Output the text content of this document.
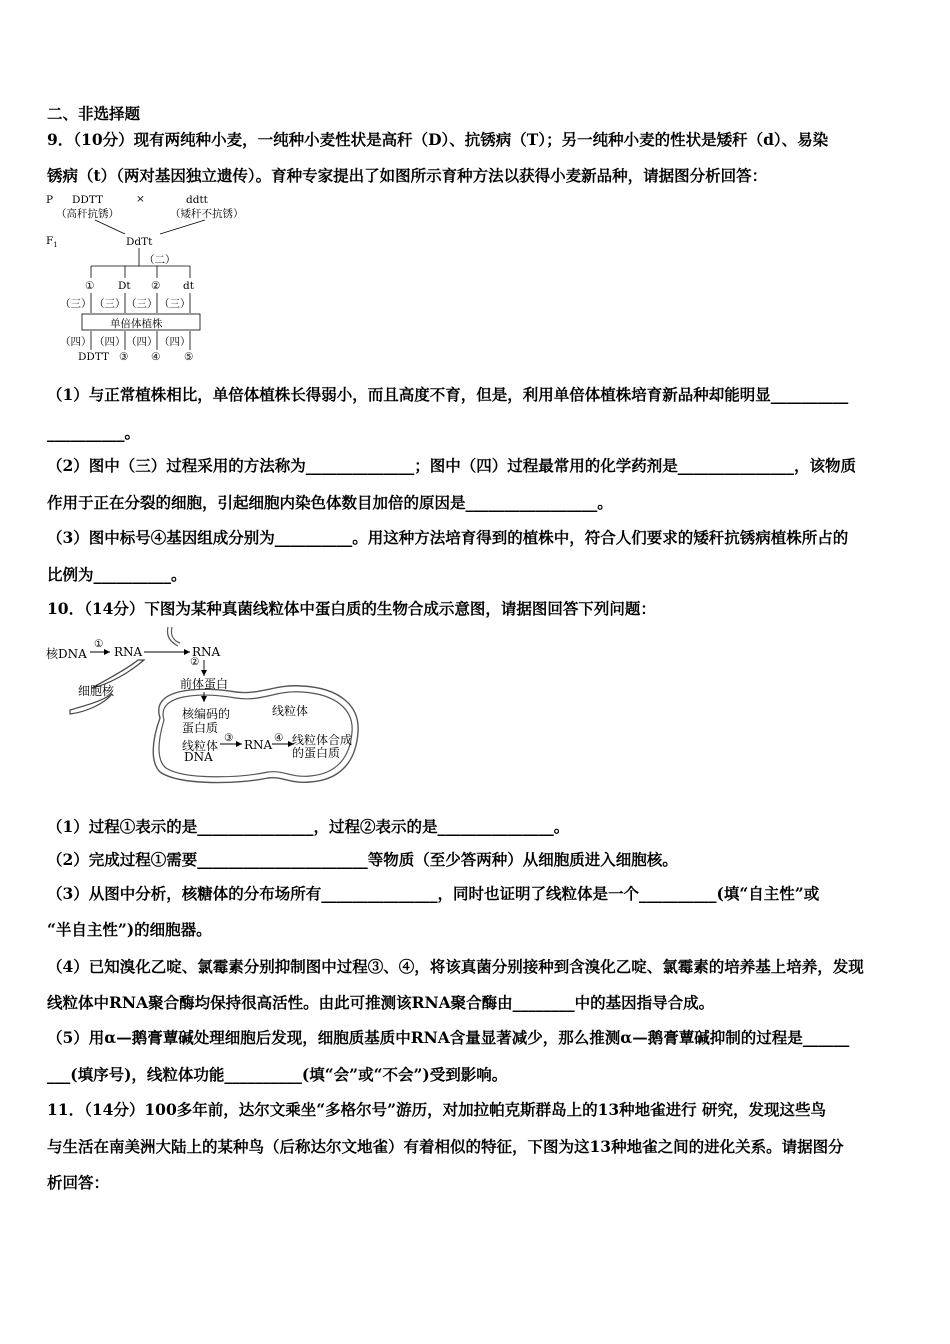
二、非选择题
9．（10分）现有两纯种小麦，一纯种小麦性状是高秆（D）、抗锈病（T）；另一纯种小麦的性状是矮秆（d）、易染
锈病（t）（两对基因独立遗传）。育种专家提出了如图所示育种方法以获得小麦新品种，请据图分析回答：
P DDTT
（高秆抗锈）
×	ddtt
（矮秆不抗锈）
$F_1$	DdTt
（二）
① Dt ② dt
（三） （三） （三） （三）
单倍体植株
（四） （四） （四） （四）
DDTT ③ ④ ⑤
（1）与正常植株相比，单倍体植株长得弱小，而且高度不育，但是，利用单倍体植株培育新品种却能明显__________
__________。
（2）图中（三）过程采用的方法称为______________；图中（四）过程最常用的化学药剂是_______________，该物质
作用于正在分裂的细胞，引起细胞内染色体数目加倍的原因是_________________。
（3）图中标号④基因组成分别为__________。用这种方法培育得到的植株中，符合人们要求的矮秆抗锈病植株所占的
比例为__________。
10．（14分）下图为某种真菌线粒体中蛋白质的生物合成示意图，请据图回答下列问题：
核DNA
①
RNA	RNA
②
前体蛋白
细胞核
线粒体
核编码的
蛋白质
线粒体
DNA
③ RNA ④ 线粒体合成
的蛋白质
（1）过程①表示的是_______________，过程②表示的是_______________。
（2）完成过程①需要______________________等物质（至少答两种）从细胞质进入细胞核。
（3）从图中分析，核糖体的分布场所有_______________，同时也证明了线粒体是一个__________(填“自主性”或
“半自主性”)的细胞器。
（4）已知溴化乙啶、氯霉素分别抑制图中过程③、④，将该真菌分别接种到含溴化乙啶、氯霉素的培养基上培养，发现
线粒体中RNA聚合酶均保持很高活性。由此可推测该RNA聚合酶由________中的基因指导合成。
（5）用α—鹅膏蕈碱处理细胞后发现，细胞质基质中RNA含量显著减少，那么推测α—鹅膏蕈碱抑制的过程是______
___(填序号)，线粒体功能__________(填“会”或“不会”)受到影响。
11．（14分）100多年前，达尔文乘坐“多格尔号”游历，对加拉帕克斯群岛上的13种地雀进行 研究，发现这些鸟
与生活在南美洲大陆上的某种鸟（后称达尔文地雀）有着相似的特征，下图为这13种地雀之间的进化关系。请据图分
析回答：
